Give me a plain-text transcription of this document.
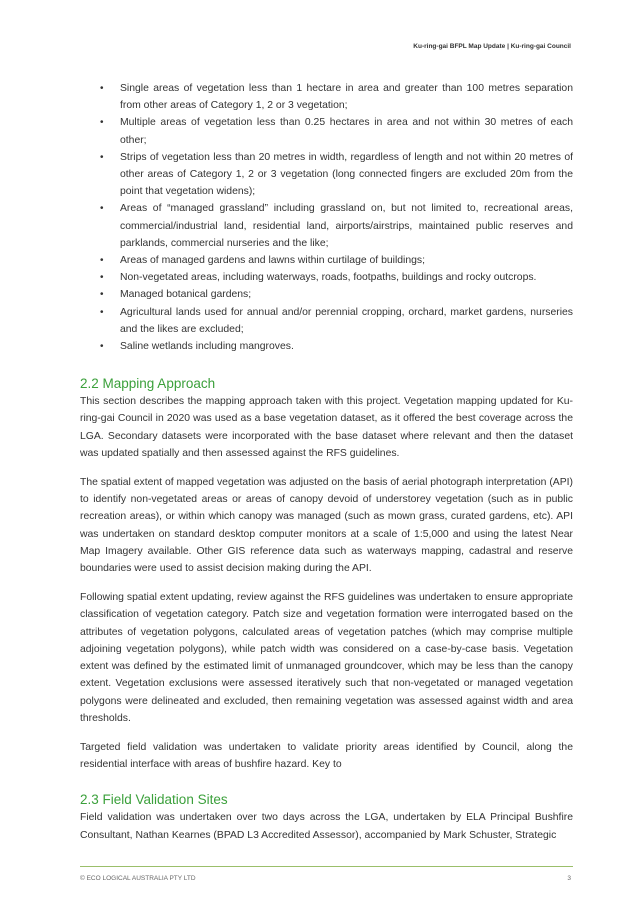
Ku-ring-gai BFPL Map Update | Ku-ring-gai Council
• Single areas of vegetation less than 1 hectare in area and greater than 100 metres separation from other areas of Category 1, 2 or 3 vegetation;
• Multiple areas of vegetation less than 0.25 hectares in area and not within 30 metres of each other;
• Strips of vegetation less than 20 metres in width, regardless of length and not within 20 metres of other areas of Category 1, 2 or 3 vegetation (long connected fingers are excluded 20m from the point that vegetation widens);
• Areas of “managed grassland” including grassland on, but not limited to, recreational areas, commercial/industrial land, residential land, airports/airstrips, maintained public reserves and parklands, commercial nurseries and the like;
• Areas of managed gardens and lawns within curtilage of buildings;
• Non-vegetated areas, including waterways, roads, footpaths, buildings and rocky outcrops.
• Managed botanical gardens;
• Agricultural lands used for annual and/or perennial cropping, orchard, market gardens, nurseries and the likes are excluded;
• Saline wetlands including mangroves.
2.2 Mapping Approach

This section describes the mapping approach taken with this project. Vegetation mapping updated for Ku-ring-gai Council in 2020 was used as a base vegetation dataset, as it offered the best coverage across the LGA. Secondary datasets were incorporated with the base dataset where relevant and then the dataset was updated spatially and then assessed against the RFS guidelines.

The spatial extent of mapped vegetation was adjusted on the basis of aerial photograph interpretation (API) to identify non-vegetated areas or areas of canopy devoid of understorey vegetation (such as in public recreation areas), or within which canopy was managed (such as mown grass, curated gardens, etc). API was undertaken on standard desktop computer monitors at a scale of 1:5,000 and using the latest Near Map Imagery available. Other GIS reference data such as waterways mapping, cadastral and reserve boundaries were used to assist decision making during the API.

Following spatial extent updating, review against the RFS guidelines was undertaken to ensure appropriate classification of vegetation category. Patch size and vegetation formation were interrogated based on the attributes of vegetation polygons, calculated areas of vegetation patches (which may comprise multiple adjoining vegetation polygons), while patch width was considered on a case-by-case basis. Vegetation extent was defined by the estimated limit of unmanaged groundcover, which may be less than the canopy extent. Vegetation exclusions were assessed iteratively such that non-vegetated or managed vegetation polygons were delineated and excluded, then remaining vegetation was assessed against width and area thresholds.

Targeted field validation was undertaken to validate priority areas identified by Council, along the residential interface with areas of bushfire hazard. Key to

2.3 Field Validation Sites

Field validation was undertaken over two days across the LGA, undertaken by ELA Principal Bushfire Consultant, Nathan Kearnes (BPAD L3 Accredited Assessor), accompanied by Mark Schuster, Strategic

© ECO LOGICAL AUSTRALIA PTY LTD	3
